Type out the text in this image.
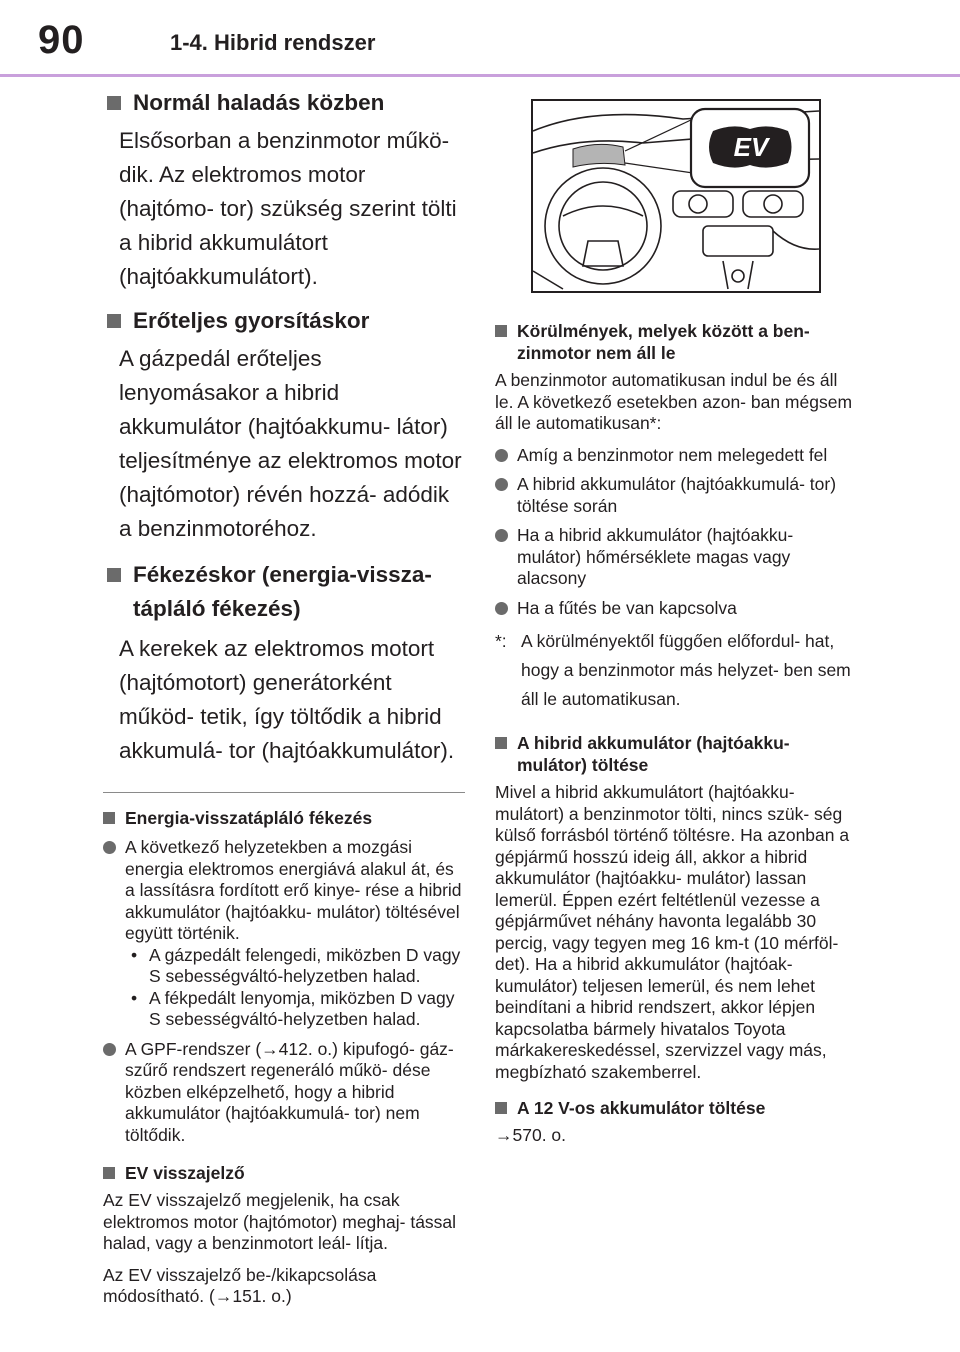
90	1-4. Hibrid rendszer
Normál haladás közben

Elsősorban a benzinmotor műkö- dik. Az elektromos motor (hajtómo- tor) szükség szerint tölti a hibrid akkumulátort (hajtóakkumulátort).

Erőteljes gyorsításkor

A gázpedál erőteljes lenyomásakor a hibrid akkumulátor (hajtóakkumu- látor) teljesítménye az elektromos motor (hajtómotor) révén hozzá- adódik a benzinmotoréhoz.

Fékezéskor (energia-vissza- tápláló fékezés)

A kerekek az elektromos motort (hajtómotort) generátorként működ- tetik, így töltődik a hibrid akkumulá- tor (hajtóakkumulátor).

Energia-visszatápláló fékezés
A következő helyzetekben a mozgási energia elektromos energiává alakul át, és a lassításra fordított erő kinye- rése a hibrid akkumulátor (hajtóakku- mulátor) töltésével együtt történik.
• A gázpedált felengedi, miközben D vagy S sebességváltó-helyzetben halad.
• A fékpedált lenyomja, miközben D vagy S sebességváltó-helyzetben halad.
A GPF-rendszer (→412. o.) kipufogó- gáz-szűrő rendszert regeneráló műkö- dése közben elképzelhető, hogy a hibrid akkumulátor (hajtóakkumulá- tor) nem töltődik.
EV visszajelző

Az EV visszajelző megjelenik, ha csak elektromos motor (hajtómotor) meghaj- tással halad, vagy a benzinmotort leál- lítja.

Az EV visszajelző be-/kikapcsolása módosítható. (→151. o.)

EV
Körülmények, melyek között a ben- zinmotor nem áll le

A benzinmotor automatikusan indul be és áll le. A következő esetekben azon- ban mégsem áll le automatikusan*:

Amíg a benzinmotor nem melegedett fel
A hibrid akkumulátor (hajtóakkumulá- tor) töltése során
Ha a hibrid akkumulátor (hajtóakku- mulátor) hőmérséklete magas vagy alacsony
Ha a fűtés be van kapcsolva
*: A körülményektől függően előfordul- hat, hogy a benzinmotor más helyzet- ben sem áll le automatikusan.
A hibrid akkumulátor (hajtóakku- mulátor) töltése

Mivel a hibrid akkumulátort (hajtóakku- mulátort) a benzinmotor tölti, nincs szük- ség külső forrásból történő töltésre. Ha azonban a gépjármű hosszú ideig áll, akkor a hibrid akkumulátor (hajtóakku- mulátor) lassan lemerül. Éppen ezért feltétlenül vezesse a gépjárművet néhány havonta legalább 30 percig, vagy tegyen meg 16 km-t (10 mérföl- det). Ha a hibrid akkumulátor (hajtóak- kumulátor) teljesen lemerül, és nem lehet beindítani a hibrid rendszert, akkor lépjen kapcsolatba bármely hivatalos Toyota márkakereskedéssel, szervizzel vagy más, megbízható szakemberrel.

A 12 V-os akkumulátor töltése

→570. o.
